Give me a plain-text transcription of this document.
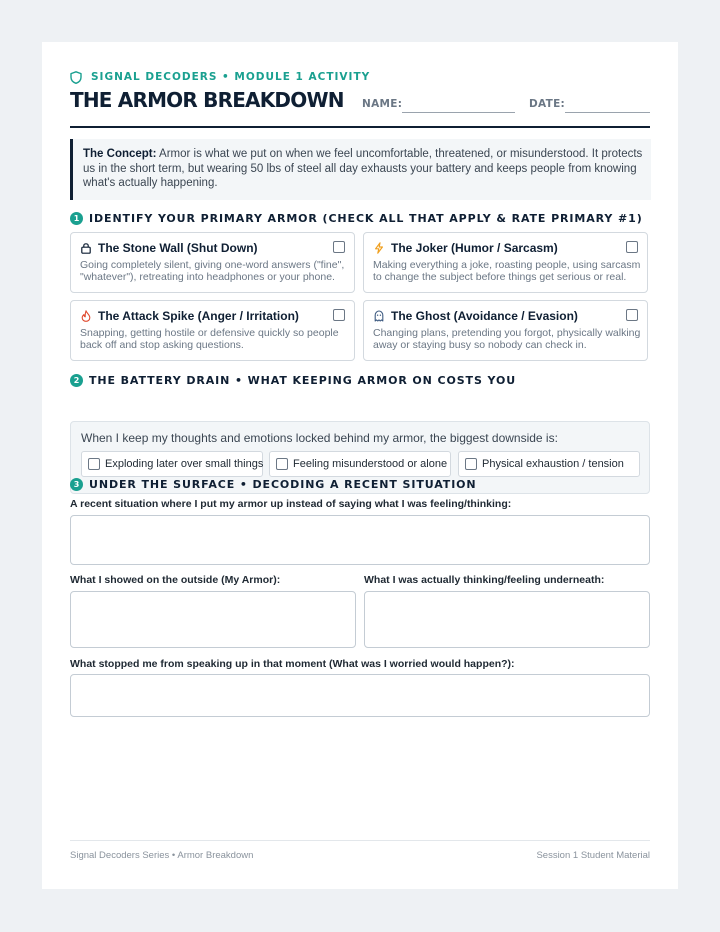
SIGNAL DECODERS • MODULE 1 ACTIVITY
THE ARMOR BREAKDOWN NAME:	DATE:
The Concept: Armor is what we put on when we feel uncomfortable, threatened, or misunderstood. It protects us in the short term, but wearing 50 lbs of steel all day exhausts your battery and keeps people from knowing what's actually happening.
1 IDENTIFY YOUR PRIMARY ARMOR (CHECK ALL THAT APPLY & RATE PRIMARY #1)
The Stone Wall (Shut Down)
Going completely silent, giving one-word answers ("fine", "whatever"), retreating into headphones or your phone.
The Joker (Humor / Sarcasm)
Making everything a joke, roasting people, using sarcasm to change the subject before things get serious or real.
The Attack Spike (Anger / Irritation)
Snapping, getting hostile or defensive quickly so people back off and stop asking questions.
The Ghost (Avoidance / Evasion)
Changing plans, pretending you forgot, physically walking away or staying busy so nobody can check in.
2 THE BATTERY DRAIN • WHAT KEEPING ARMOR ON COSTS YOU
When I keep my thoughts and emotions locked behind my armor, the biggest downside is:
Exploding later over small things	Feeling misunderstood or alone	Physical exhaustion / tension
3 UNDER THE SURFACE • DECODING A RECENT SITUATION
A recent situation where I put my armor up instead of saying what I was feeling/thinking:
What I showed on the outside (My Armor):	What I was actually thinking/feeling underneath:
What stopped me from speaking up in that moment (What was I worried would happen?):
Signal Decoders Series • Armor Breakdown	Session 1 Student Material
